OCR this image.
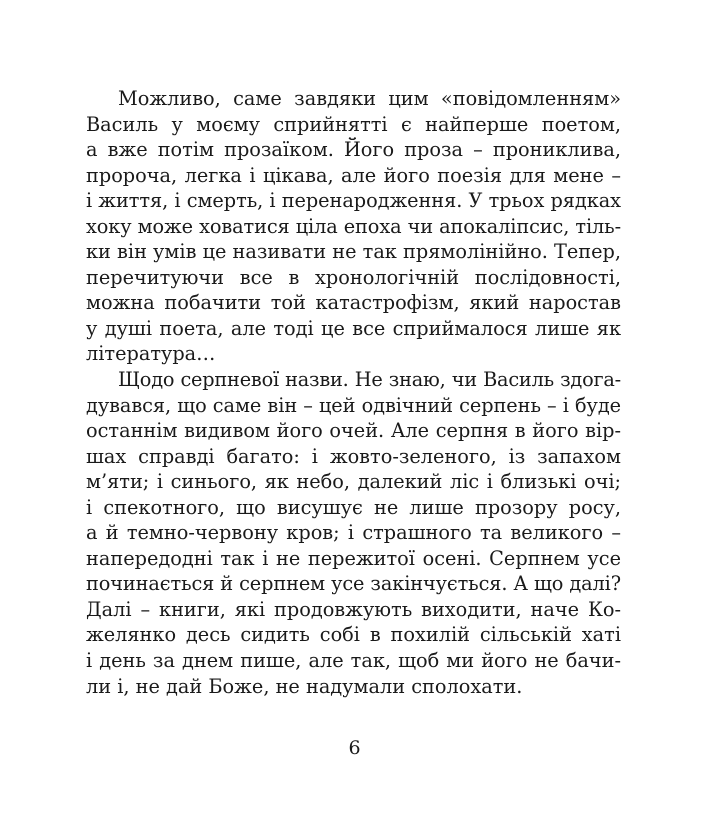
Можливо, саме завдяки цим «повідомленням»
Василь у моєму сприйнятті є найперше поетом,
а вже потім прозаїком. Його проза – прониклива,
пророча, легка і цікава, але його поезія для мене –
і життя, і смерть, і перенародження. У трьох рядках
хоку може ховатися ціла епоха чи апокаліпсис, тіль-
ки він умів це називати не так прямолінійно. Тепер,
перечитуючи все в хронологічній послідовності,
можна побачити той катастрофізм, який наростав
у душі поета, але тоді це все сприймалося лише як
література…

Щодо серпневої назви. Не знаю, чи Василь здога-
дувався, що саме він – цей одвічний серпень – і буде
останнім видивом його очей. Але серпня в його вір-
шах справді багато: і жовто-зеленого, із запахом
м’яти; і синього, як небо, далекий ліс і близькі очі;
і спекотного, що висушує не лише прозору росу,
а й темно-червону кров; і страшного та великого –
напередодні так і не пережитої осені. Серпнем усе
починається й серпнем усе закінчується. А що далі?
Далі – книги, які продовжують виходити, наче Ко-
желянко десь сидить собі в похилій сільській хаті
і день за днем пише, але так, щоб ми його не бачи-
ли і, не дай Боже, не надумали сполохати.

6
